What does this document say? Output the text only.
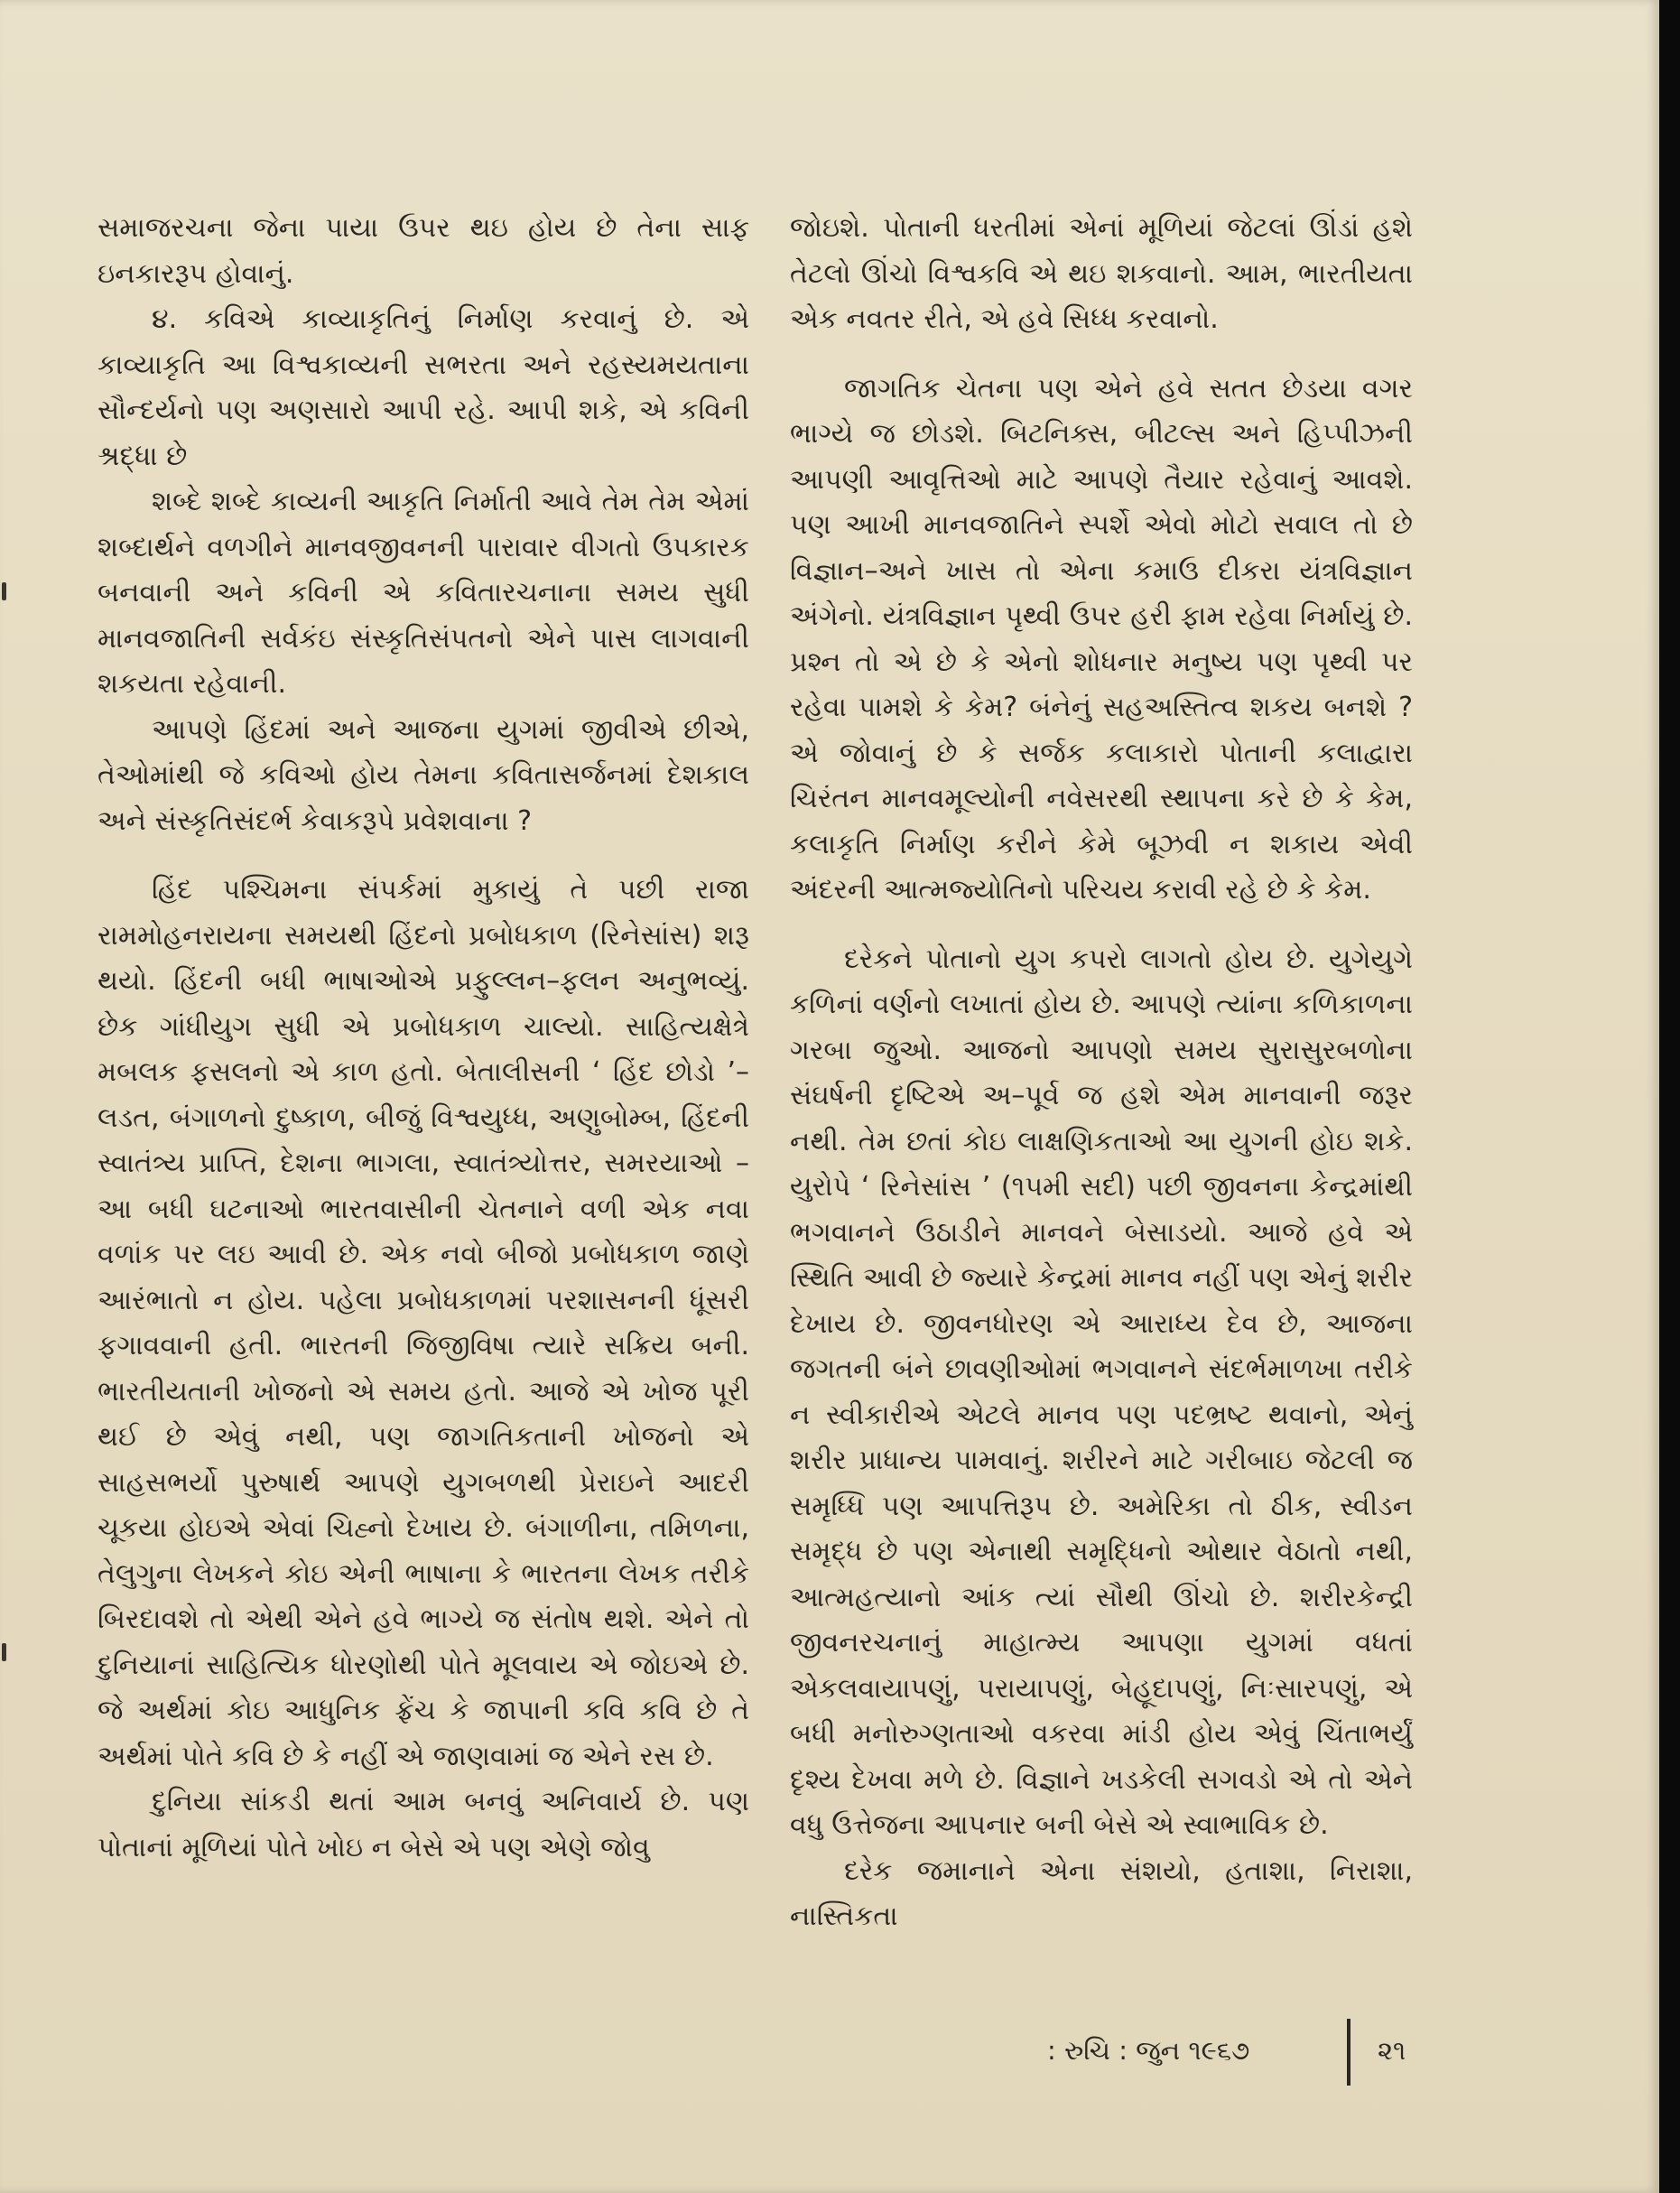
સમાજરચના જેના પાયા ઉપર થઇ હોય છે તેના સાફ ઇનકારરૂપ હોવાનું.

૪. કવિએ કાવ્યાકૃતિનું નિર્માણ કરવાનું છે. એ કાવ્યાકૃતિ આ વિશ્વકાવ્યની સભરતા અને રહસ્યમયતાના સૌન્દર્યનો પણ અણસારો આપી રહે. આપી શકે, એ કવિની શ્રદ્ધા છે

શબ્દે શબ્દે કાવ્યની આકૃતિ નિર્માતી આવે તેમ તેમ એમાં શબ્દાર્થને વળગીને માનવજીવનની પારાવાર વીગતો ઉપકારક બનવાની અને કવિની એ કવિતારચનાના સમય સુધી માનવજાતિની સર્વકંઇ સંસ્કૃતિસંપતનો એને પાસ લાગવાની શકયતા રહેવાની.

આપણે હિંદમાં અને આજના યુગમાં જીવીએ છીએ, તેઓમાંથી જે કવિઓ હોય તેમના કવિતાસર્જનમાં દેશકાલ અને સંસ્કૃતિસંદર્ભ કેવાકરૂપે પ્રવેશવાના ?

હિંદ પશ્ચિમના સંપર્કમાં મુકાયું તે પછી રાજા રામમોહનરાયના સમયથી હિંદનો પ્રબોધકાળ (રિનેસાંસ) શરૂ થયો. હિંદની બધી ભાષાઓએ પ્રફુલ્લન–ફલન અનુભવ્યું. છેક ગાંધીયુગ સુધી એ પ્રબોધકાળ ચાલ્યો. સાહિત્યક્ષેત્રે મબલક ફસલનો એ કાળ હતો. બેતાલીસની ‘ હિંદ છોડો ’–લડત, બંગાળનો દુષ્કાળ, બીજું વિશ્વયુધ્ધ, અણુબોમ્બ, હિંદની સ્વાતંત્ર્ય પ્રાપ્તિ, દેશના ભાગલા, સ્વાતંત્ર્યોત્તર, સમરયાઓ – આ બધી ઘટનાઓ ભારતવાસીની ચેતનાને વળી એક નવા વળાંક પર લઇ આવી છે. એક નવો બીજો પ્રબોધકાળ જાણે આરંભાતો ન હોય. પહેલા પ્રબોધકાળમાં પરશાસનની ધૂંસરી ફગાવવાની હતી. ભારતની જિજીવિષા ત્યારે સક્રિય બની. ભારતીયતાની ખોજનો એ સમય હતો. આજે એ ખોજ પૂરી થઈ છે એવું નથી, પણ જાગતિકતાની ખોજનો એ સાહસભર્યો પુરુષાર્થ આપણે યુગબળથી પ્રેરાઇને આદરી ચૂકયા હોઇએ એવાં ચિહ્નો દેખાય છે. બંગાળીના, તમિળના, તેલુગુના લેખકને કોઇ એની ભાષાના કે ભારતના લેખક તરીકે બિરદાવશે તો એથી એને હવે ભાગ્યે જ સંતોષ થશે. એને તો દુનિયાનાં સાહિત્યિક ધોરણોથી પોતે મૂલવાય એ જોઇએ છે. જે અર્થમાં કોઇ આધુનિક ફ્રેંચ કે જાપાની કવિ કવિ છે તે અર્થમાં પોતે કવિ છે કે નહીં એ જાણવામાં જ એને રસ છે.

દુનિયા સાંકડી થતાં આમ બનવું અનિવાર્ય છે. પણ પોતાનાં મૂળિયાં પોતે ખોઇ ન બેસે એ પણ એણે જોવુ

જોઇશે. પોતાની ધરતીમાં એનાં મૂળિયાં જેટલાં ઊંડાં હશે તેટલો ઊંચો વિશ્વકવિ એ થઇ શકવાનો. આમ, ભારતીયતા એક નવતર રીતે, એ હવે સિધ્ધ કરવાનો.

જાગતિક ચેતના પણ એને હવે સતત છેડયા વગર ભાગ્યે જ છોડશે. બિટનિક્સ, બીટલ્સ અને હિપ્પીઝની આપણી આવૃત્તિઓ માટે આપણે તૈયાર રહેવાનું આવશે. પણ આખી માનવજાતિને સ્પર્શે એવો મોટો સવાલ તો છે વિજ્ઞાન–અને ખાસ તો એના કમાઉ દીકરા યંત્રવિજ્ઞાન અંગેનો. યંત્રવિજ્ઞાન પૃથ્વી ઉપર હરી ફામ રહેવા નિર્માયું છે. પ્રશ્ન તો એ છે કે એનો શોધનાર મનુષ્ય પણ પૃથ્વી પર રહેવા પામશે કે કેમ? બંનેનું સહઅસ્તિત્વ શકય બનશે ? એ જોવાનું છે કે સર્જક કલાકારો પોતાની કલાદ્વારા ચિરંતન માનવમૂલ્યોની નવેસરથી સ્થાપના કરે છે કે કેમ, કલાકૃતિ નિર્માણ કરીને કેમે બૂઝવી ન શકાય એવી અંદરની આત્મજ્યોતિનો પરિચય કરાવી રહે છે કે કેમ.

દરેકને પોતાનો યુગ કપરો લાગતો હોય છે. યુગેયુગે કળિનાં વર્ણનો લખાતાં હોય છે. આપણે ત્યાંના કળિકાળના ગરબા જુઓ. આજનો આપણો સમય સુરાસુરબળોના સંઘર્ષની દૃષ્ટિએ અ–પૂર્વ જ હશે એમ માનવાની જરૂર નથી. તેમ છતાં કોઇ લાક્ષણિકતાઓ આ યુગની હોઇ શકે. યુરોપે ‘ રિનેસાંસ ’ (૧૫મી સદી) પછી જીવનના કેન્દ્રમાંથી ભગવાનને ઉઠાડીને માનવને બેસાડયો. આજે હવે એ સ્થિતિ આવી છે જ્યારે કેન્દ્રમાં માનવ નહીં પણ એનું શરીર દેખાય છે. જીવનધોરણ એ આરાધ્ય દેવ છે, આજના જગતની બંને છાવણીઓમાં ભગવાનને સંદર્ભમાળખા તરીકે ન સ્વીકારીએ એટલે માનવ પણ પદભ્રષ્ટ થવાનો, એનું શરીર પ્રાધાન્ય પામવાનું. શરીરને માટે ગરીબાઇ જેટલી જ સમૃધ્ધિ પણ આપત્તિરૂપ છે. અમેરિકા તો ઠીક, સ્વીડન સમૃદ્ધ છે પણ એનાથી સમૃદ્ધિનો ઓથાર વેઠાતો નથી, આત્મહત્યાનો આંક ત્યાં સૌથી ઊંચો છે. શરીરકેન્દ્રી જીવનરચનાનું માહાત્મ્ય આપણા યુગમાં વધતાં એકલવાયાપણું, પરાયાપણું, બેહૂદાપણું, નિઃસારપણું, એ બધી મનોરુગ્ણતાઓ વકરવા માંડી હોય એવું ચિંતાભર્યું દૃશ્ય દેખવા મળે છે. વિજ્ઞાને ખડકેલી સગવડો એ તો એને વધુ ઉત્તેજના આપનાર બની બેસે એ સ્વાભાવિક છે.

દરેક જમાનાને એના સંશયો, હતાશા, નિરાશા, નાસ્તિકતા

: રુચિ : જુન ૧૯૬૭	૨૧
